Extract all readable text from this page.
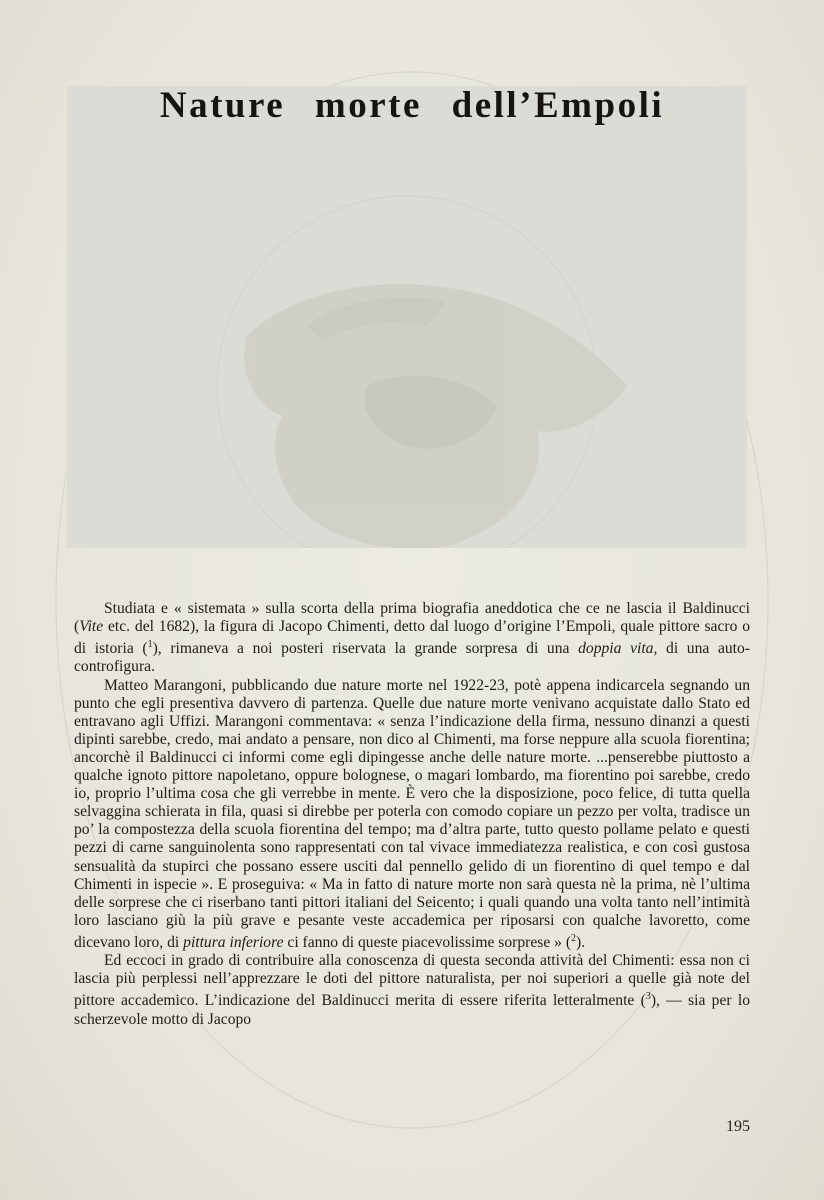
Nature morte dell’Empoli

Studiata e « sistemata » sulla scorta della prima biografia aneddotica che ce ne lascia il Baldinucci (Vite etc. del 1682), la figura di Jacopo Chimenti, detto dal luogo d’origine l’Empoli, quale pittore sacro o di istoria ($^1$), rimaneva a noi posteri riservata la grande sorpresa di una doppia vita, di una auto-controfigura.

Matteo Marangoni, pubblicando due nature morte nel 1922-23, potè appena indicarcela segnando un punto che egli presentiva davvero di partenza. Quelle due nature morte venivano acquistate dallo Stato ed entravano agli Uffizi. Marangoni commentava: « senza l’indicazione della firma, nessuno dinanzi a questi dipinti sarebbe, credo, mai andato a pensare, non dico al Chimenti, ma forse neppure alla scuola fiorentina; ancorchè il Baldinucci ci informi come egli dipingesse anche delle nature morte. ...penserebbe piuttosto a qualche ignoto pittore napoletano, oppure bolognese, o magari lombardo, ma fiorentino poi sarebbe, credo io, proprio l’ultima cosa che gli verrebbe in mente. È vero che la disposizione, poco felice, di tutta quella selvaggina schierata in fila, quasi si direbbe per poterla con comodo copiare un pezzo per volta, tradisce un po’ la compostezza della scuola fiorentina del tempo; ma d’altra parte, tutto questo pollame pelato e questi pezzi di carne sanguinolenta sono rappresentati con tal vivace immediatezza realistica, e con così gustosa sensualità da stupirci che possano essere usciti dal pennello gelido di un fiorentino di quel tempo e dal Chimenti in ispecie ». E proseguiva: « Ma in fatto di nature morte non sarà questa nè la prima, nè l’ultima delle sorprese che ci riserbano tanti pittori italiani del Seicento; i quali quando una volta tanto nell’intimità loro lasciano giù la più grave e pesante veste accademica per riposarsi con qualche lavoretto, come dicevano loro, di pittura inferiore ci fanno di queste piacevolissime sorprese » ($^2$).

Ed eccoci in grado di contribuire alla conoscenza di questa seconda attività del Chimenti: essa non ci lascia più perplessi nell’apprezzare le doti del pittore naturalista, per noi superiori a quelle già note del pittore accademico. L’indicazione del Baldinucci merita di essere riferita letteralmente ($^3$), — sia per lo scherzevole motto di Jacopo

195
